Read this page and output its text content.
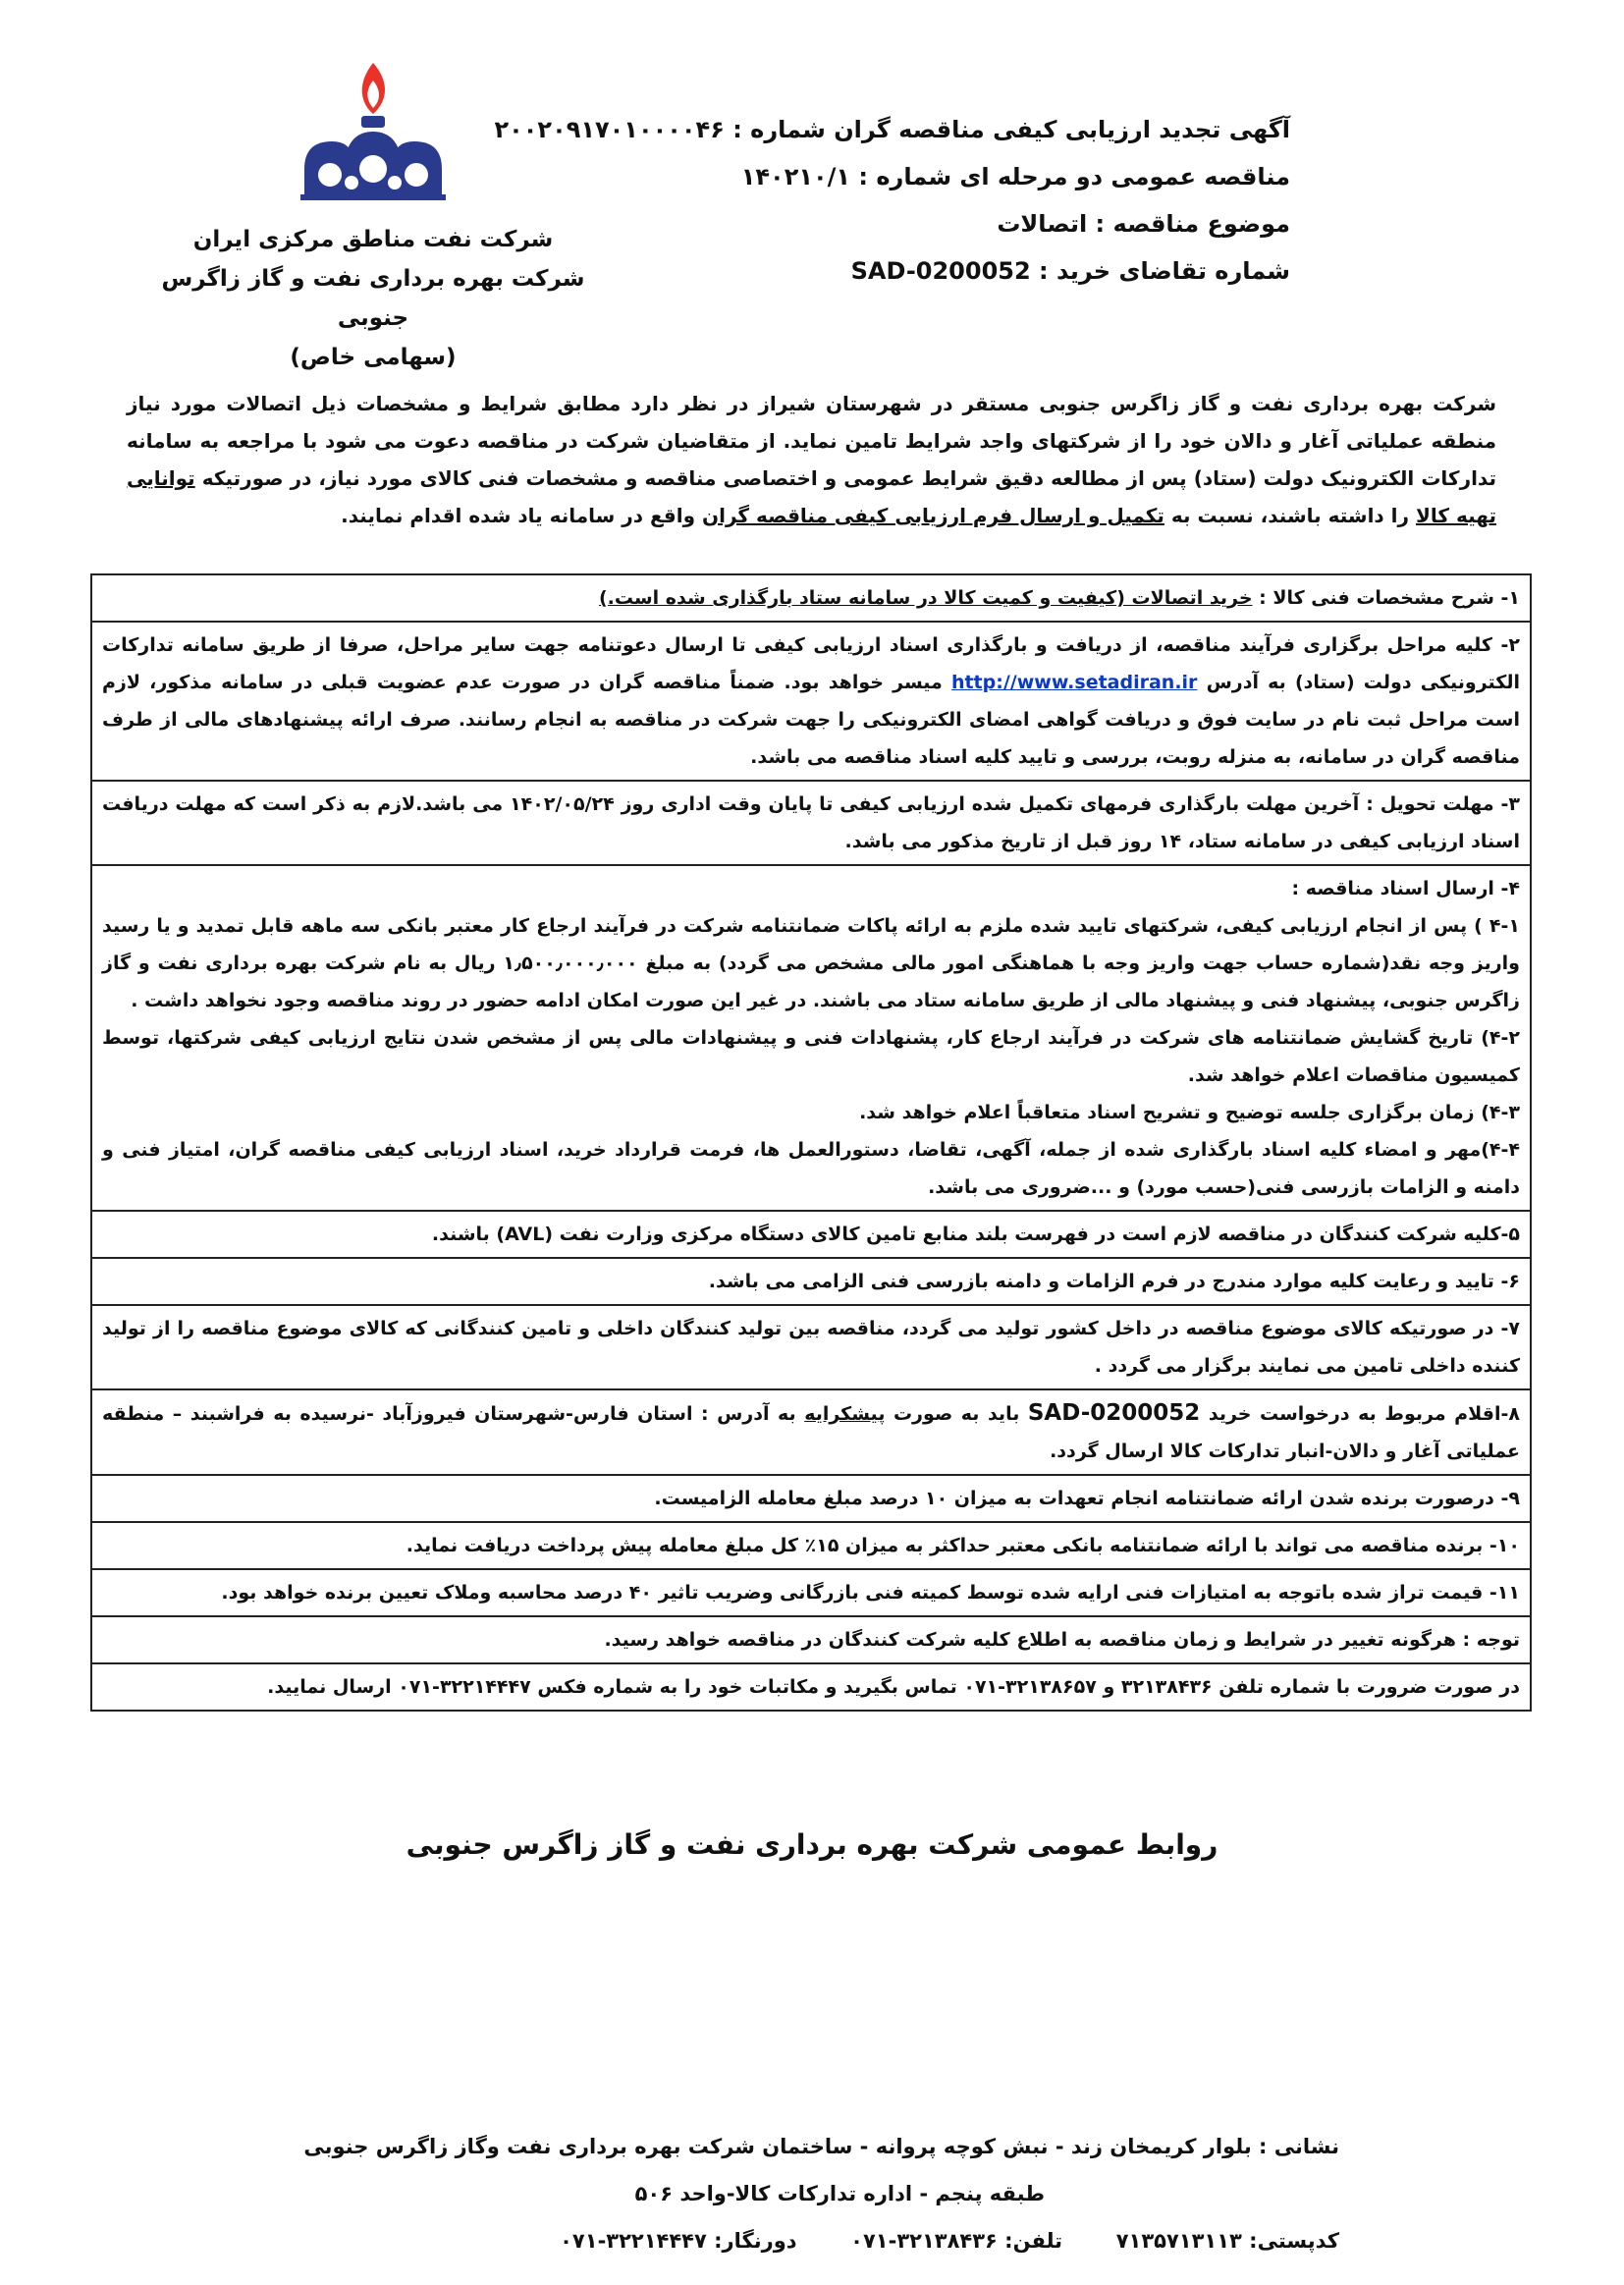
شرکت نفت مناطق مرکزی ایران
شرکت بهره برداری نفت و گاز زاگرس جنوبی
(سهامی خاص)
آگهی تجدید ارزیابی کیفی مناقصه گران شماره : ۲۰۰۲۰۹۱۷۰۱۰۰۰۰۴۶
مناقصه عمومی دو مرحله ای شماره : ۱۴۰۲۱۰/۱
موضوع مناقصه : اتصالات
شماره تقاضای خرید : SAD-0200052
شرکت بهره برداری نفت و گاز زاگرس جنوبی مستقر در شهرستان شیراز در نظر دارد مطابق شرایط و مشخصات ذیل اتصالات مورد نیاز منطقه عملیاتی آغار و دالان خود را از شرکتهای واجد شرایط تامین نماید. از متقاضیان شرکت در مناقصه دعوت می شود با مراجعه به سامانه تدارکات الکترونیک دولت (ستاد) پس از مطالعه دقیق شرایط عمومی و اختصاصی مناقصه و مشخصات فنی کالای مورد نیاز، در صورتیکه توانایی تهیه کالا را داشته باشند، نسبت به تکمیل و ارسال فرم ارزیابی کیفی مناقصه گران واقع در سامانه یاد شده اقدام نمایند.
۱- شرح مشخصات فنی کالا : خرید اتصالات (کیفیت و کمیت کالا در سامانه ستاد بارگذاری شده است.)
۲- کلیه مراحل برگزاری فرآیند مناقصه، از دریافت و بارگذاری اسناد ارزیابی کیفی تا ارسال دعوتنامه جهت سایر مراحل، صرفا از طریق سامانه تدارکات الکترونیکی دولت (ستاد) به آدرس http://www.setadiran.ir میسر خواهد بود. ضمناً مناقصه گران در صورت عدم عضویت قبلی در سامانه مذکور، لازم است مراحل ثبت نام در سایت فوق و دریافت گواهی امضای الکترونیکی را جهت شرکت در مناقصه به انجام رسانند. صرف ارائه پیشنهادهای مالی از طرف مناقصه گران در سامانه، به منزله روبت، بررسی و تایید کلیه اسناد مناقصه می باشد.
۳- مهلت تحویل : آخرین مهلت بارگذاری فرمهای تکمیل شده ارزیابی کیفی تا پایان وقت اداری روز ۱۴۰۲/۰۵/۲۴ می باشد.لازم به ذکر است که مهلت دریافت اسناد ارزیابی کیفی در سامانه ستاد، ۱۴ روز قبل از تاریخ مذکور می باشد.

۴- ارسال اسناد مناقصه :
۴-۱ ) پس از انجام ارزیابی کیفی، شرکتهای تایید شده ملزم به ارائه پاکات ضمانتنامه شرکت در فرآیند ارجاع کار معتبر بانکی سه ماهه قابل تمدید و یا رسید واریز وجه نقد(شماره حساب جهت واریز وجه با هماهنگی امور مالی مشخص می گردد) به مبلغ ۱٫۵۰۰٫۰۰۰٫۰۰۰ ریال به نام شرکت بهره برداری نفت و گاز زاگرس جنوبی، پیشنهاد فنی و پیشنهاد مالی از طریق سامانه ستاد می باشند. در غیر این صورت امکان ادامه حضور در روند مناقصه وجود نخواهد داشت .
۴-۲) تاریخ گشایش ضمانتنامه های شرکت در فرآیند ارجاع کار، پشنهادات فنی و پیشنهادات مالی پس از مشخص شدن نتایج ارزیابی کیفی شرکتها، توسط کمیسیون مناقصات اعلام خواهد شد.
۴-۳) زمان برگزاری جلسه توضیح و تشریح اسناد متعاقباً اعلام خواهد شد.
۴-۴)مهر و امضاء کلیه اسناد بارگذاری شده از جمله، آگهی، تقاضا، دستورالعمل ها، فرمت قرارداد خرید، اسناد ارزیابی کیفی مناقصه گران، امتیاز فنی و دامنه و الزامات بازرسی فنی(حسب مورد) و ...ضروری می باشد.

۵-کلیه شرکت کنندگان در مناقصه لازم است در فهرست بلند منابع تامین کالای دستگاه مرکزی وزارت نفت (AVL) باشند.
۶- تایید و رعایت کلیه موارد مندرج در فرم الزامات و دامنه بازرسی فنی الزامی می باشد.
۷- در صورتیکه کالای موضوع مناقصه در داخل کشور تولید می گردد، مناقصه بین تولید کنندگان داخلی و تامین کنندگانی که کالای موضوع مناقصه را از تولید کننده داخلی تامین می نمایند برگزار می گردد .
۸-اقلام مربوط به درخواست خرید SAD-0200052 باید به صورت پیشکرایه به آدرس : استان فارس-شهرستان فیروزآباد -نرسیده به فراشبند – منطقه عملیاتی آغار و دالان-انبار تدارکات کالا ارسال گردد.
۹- درصورت برنده شدن ارائه ضمانتنامه انجام تعهدات به میزان ۱۰ درصد مبلغ معامله الزامیست.
۱۰- برنده مناقصه می تواند با ارائه ضمانتنامه بانکی معتبر حداکثر به میزان ۱۵٪ کل مبلغ معامله پیش پرداخت دریافت نماید.
۱۱- قیمت تراز شده باتوجه به امتیازات فنی ارایه شده توسط کمیته فنی بازرگانی وضریب تاثیر ۴۰ درصد محاسبه وملاک تعیین برنده خواهد بود.
توجه : هرگونه تغییر در شرایط و زمان مناقصه به اطلاع کلیه شرکت کنندگان در مناقصه خواهد رسید.
در صورت ضرورت با شماره تلفن ۳۲۱۳۸۴۳۶ و ۳۲۱۳۸۶۵۷-۰۷۱ تماس بگیرید و مکاتبات خود را به شماره فکس ۳۲۲۱۴۴۴۷-۰۷۱ ارسال نمایید.
روابط عمومی شرکت بهره برداری نفت و گاز زاگرس جنوبی
نشانی : بلوار کریمخان زند - نبش کوچه پروانه - ساختمان شرکت بهره برداری نفت وگاز زاگرس جنوبی
طبقه پنجم - اداره تدارکات کالا-واحد ۵۰۶
کدپستی: ۷۱۳۵۷۱۳۱۱۳  تلفن: ۳۲۱۳۸۴۳۶-۰۷۱  دورنگار: ۳۲۲۱۴۴۴۷-۰۷۱
